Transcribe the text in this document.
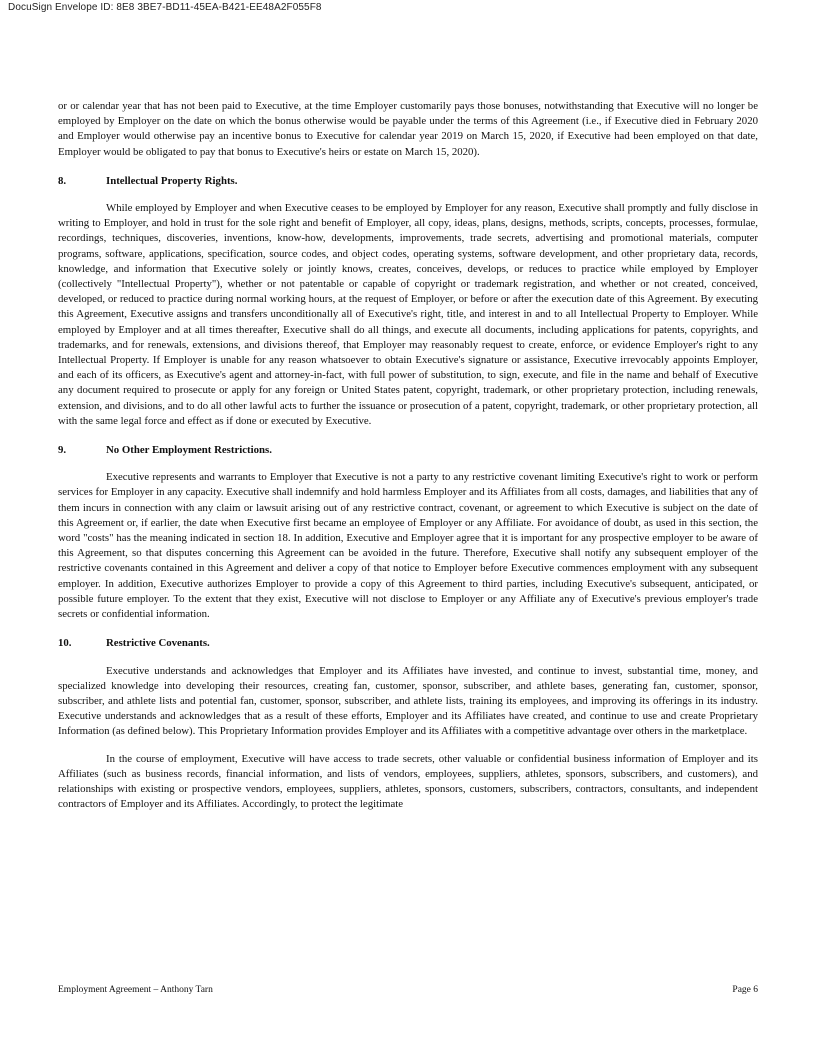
DocuSign Envelope ID: 8E8 3BE7-BD11-45EA-B421-EE48A2F055F8

or or calendar year that has not been paid to Executive, at the time Employer customarily pays those bonuses, notwithstanding that Executive will no longer be employed by Employer on the date on which the bonus otherwise would be payable under the terms of this Agreement (i.e., if Executive died in February 2020 and Employer would otherwise pay an incentive bonus to Executive for calendar year 2019 on March 15, 2020, if Executive had been employed on that date, Employer would be obligated to pay that bonus to Executive's heirs or estate on March 15, 2020).

8.	Intellectual Property Rights.

While employed by Employer and when Executive ceases to be employed by Employer for any reason, Executive shall promptly and fully disclose in writing to Employer, and hold in trust for the sole right and benefit of Employer, all copy, ideas, plans, designs, methods, scripts, concepts, processes, formulae, recordings, techniques, discoveries, inventions, know-how, developments, improvements, trade secrets, advertising and promotional materials, computer programs, software, applications, specification, source codes, and object codes, operating systems, software development, and other proprietary data, records, knowledge, and information that Executive solely or jointly knows, creates, conceives, develops, or reduces to practice while employed by Employer (collectively "Intellectual Property"), whether or not patentable or capable of copyright or trademark registration, and whether or not created, conceived, developed, or reduced to practice during normal working hours, at the request of Employer, or before or after the execution date of this Agreement. By executing this Agreement, Executive assigns and transfers unconditionally all of Executive's right, title, and interest in and to all Intellectual Property to Employer. While employed by Employer and at all times thereafter, Executive shall do all things, and execute all documents, including applications for patents, copyrights, and trademarks, and for renewals, extensions, and divisions thereof, that Employer may reasonably request to create, enforce, or evidence Employer's right to any Intellectual Property. If Employer is unable for any reason whatsoever to obtain Executive's signature or assistance, Executive irrevocably appoints Employer, and each of its officers, as Executive's agent and attorney-in-fact, with full power of substitution, to sign, execute, and file in the name and behalf of Executive any document required to prosecute or apply for any foreign or United States patent, copyright, trademark, or other proprietary protection, including renewals, extension, and divisions, and to do all other lawful acts to further the issuance or prosecution of a patent, copyright, trademark, or other proprietary protection, all with the same legal force and effect as if done or executed by Executive.

9.	No Other Employment Restrictions.

Executive represents and warrants to Employer that Executive is not a party to any restrictive covenant limiting Executive's right to work or perform services for Employer in any capacity. Executive shall indemnify and hold harmless Employer and its Affiliates from all costs, damages, and liabilities that any of them incurs in connection with any claim or lawsuit arising out of any restrictive contract, covenant, or agreement to which Executive is subject on the date of this Agreement or, if earlier, the date when Executive first became an employee of Employer or any Affiliate. For avoidance of doubt, as used in this section, the word "costs" has the meaning indicated in section 18. In addition, Executive and Employer agree that it is important for any prospective employer to be aware of this Agreement, so that disputes concerning this Agreement can be avoided in the future. Therefore, Executive shall notify any subsequent employer of the restrictive covenants contained in this Agreement and deliver a copy of that notice to Employer before Executive commences employment with any subsequent employer. In addition, Executive authorizes Employer to provide a copy of this Agreement to third parties, including Executive's subsequent, anticipated, or possible future employer. To the extent that they exist, Executive will not disclose to Employer or any Affiliate any of Executive's previous employer's trade secrets or confidential information.

10.	Restrictive Covenants.

Executive understands and acknowledges that Employer and its Affiliates have invested, and continue to invest, substantial time, money, and specialized knowledge into developing their resources, creating fan, customer, sponsor, subscriber, and athlete bases, generating fan, customer, sponsor, subscriber, and athlete lists and potential fan, customer, sponsor, subscriber, and athlete lists, training its employees, and improving its offerings in its industry. Executive understands and acknowledges that as a result of these efforts, Employer and its Affiliates have created, and continue to use and create Proprietary Information (as defined below). This Proprietary Information provides Employer and its Affiliates with a competitive advantage over others in the marketplace.

In the course of employment, Executive will have access to trade secrets, other valuable or confidential business information of Employer and its Affiliates (such as business records, financial information, and lists of vendors, employees, suppliers, athletes, sponsors, subscribers, and customers), and relationships with existing or prospective vendors, employees, suppliers, athletes, sponsors, customers, subscribers, contractors, consultants, and independent contractors of Employer and its Affiliates. Accordingly, to protect the legitimate

Employment Agreement – Anthony Tarn	Page 6
